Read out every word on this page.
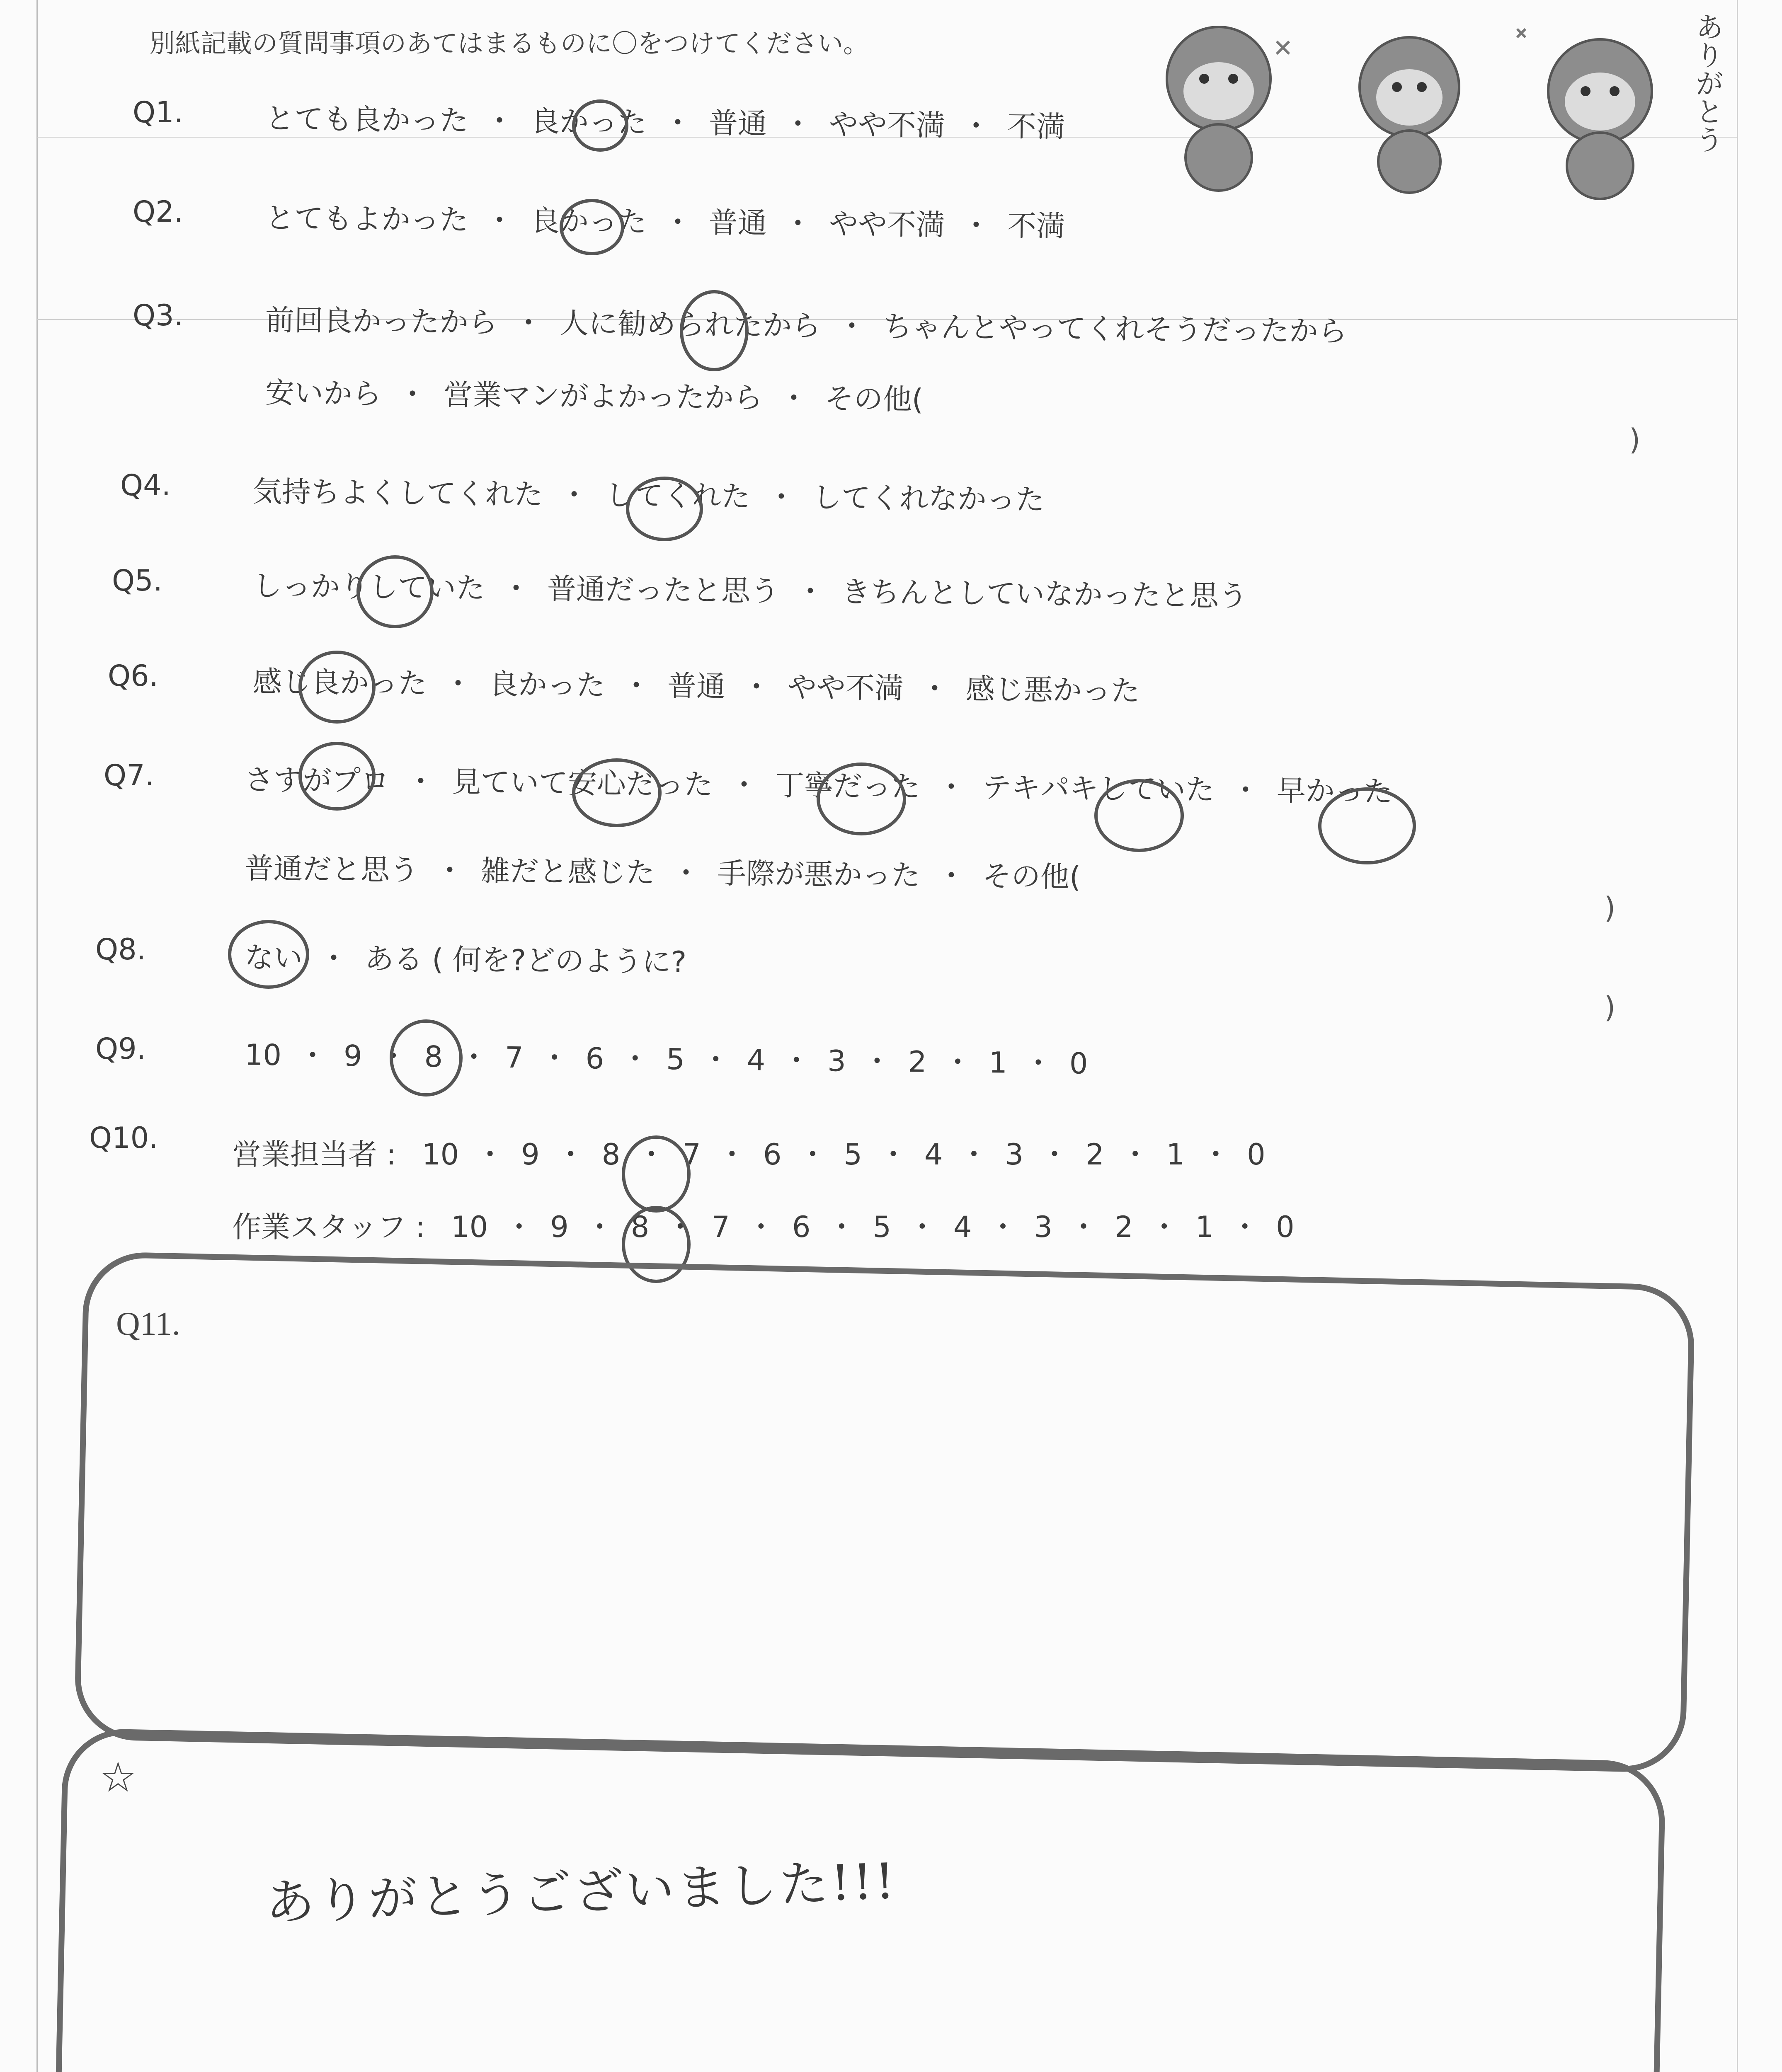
別紙記載の質問事項のあてはまるものに〇をつけてください。	ありがとう
Q1.	とても良かった ・ 良かった ・ 普通 ・ やや不満 ・ 不満
Q2.	とてもよかった ・ 良かった ・ 普通 ・ やや不満 ・ 不満
Q3.	前回良かったから ・ 人に勧められたから ・ ちゃんとやってくれそうだったから
安いから ・ 営業マンがよかったから ・ その他(
Q4.	気持ちよくしてくれた ・ してくれた ・ してくれなかった
Q5.	しっかりしていた ・ 普通だったと思う ・ きちんとしていなかったと思う
Q6.	感じ良かった ・ 良かった ・ 普通 ・ やや不満 ・ 感じ悪かった
Q7.	さすがプロ ・ 見ていて安心だった ・ 丁寧だった ・ テキパキしていた ・ 早かった
普通だと思う ・ 雑だと感じた ・ 手際が悪かった ・ その他(
Q8.	ない ・ ある ( 何を?どのように?
Q9.	10 ・ 9 ・ 8 ・ 7 ・ 6 ・ 5 ・ 4 ・ 3 ・ 2 ・ 1 ・ 0
Q10.	営業担当者 : 10 ・ 9 ・ 8 ・ 7 ・ 6 ・ 5 ・ 4 ・ 3 ・ 2 ・ 1 ・ 0
作業スタッフ : 10 ・ 9 ・ 8 ・ 7 ・ 6 ・ 5 ・ 4 ・ 3 ・ 2 ・ 1 ・ 0
)
)
)
Q11.
☆
ありがとうございました!!!
